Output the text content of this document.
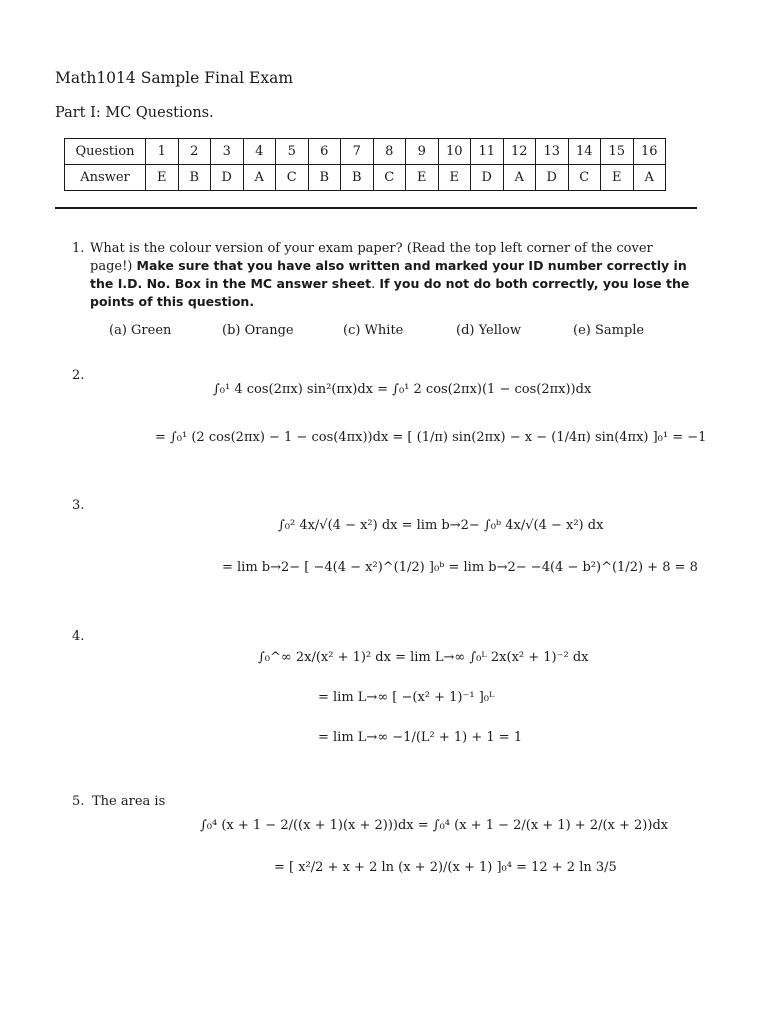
Math1014 Sample Final Exam
Part I: MC Questions.
Question	1	2	3	4	5	6	7	8	9	10	11	12	13	14	15	16
Answer	E	B	D	A	C	B	B	C	E	E	D	A	D	C	E	A
1. What is the colour version of your exam paper? (Read the top left corner of the cover page!) Make sure that you have also written and marked your ID number correctly in the I.D. No. Box in the MC answer sheet. If you do not do both correctly, you lose the points of this question.
(a) Green	(b) Orange	(c) White	(d) Yellow	(e) Sample
2.
∫₀¹ 4 cos(2πx) sin²(πx)dx = ∫₀¹ 2 cos(2πx)(1 − cos(2πx))dx
= ∫₀¹ (2 cos(2πx) − 1 − cos(4πx))dx = [ (1/π) sin(2πx) − x − (1/4π) sin(4πx) ]₀¹ = −1
3.
∫₀² 4x/√(4 − x²) dx = lim b→2− ∫₀ᵇ 4x/√(4 − x²) dx
= lim b→2− [ −4(4 − x²)^(1/2) ]₀ᵇ = lim b→2− −4(4 − b²)^(1/2) + 8 = 8
4.
∫₀^∞ 2x/(x² + 1)² dx = lim L→∞ ∫₀ᴸ 2x(x² + 1)⁻² dx
= lim L→∞ [ −(x² + 1)⁻¹ ]₀ᴸ
= lim L→∞ −1/(L² + 1) + 1 = 1
5. The area is
∫₀⁴ (x + 1 − 2/((x + 1)(x + 2)))dx = ∫₀⁴ (x + 1 − 2/(x + 1) + 2/(x + 2))dx
= [ x²/2 + x + 2 ln (x + 2)/(x + 1) ]₀⁴ = 12 + 2 ln 3/5
